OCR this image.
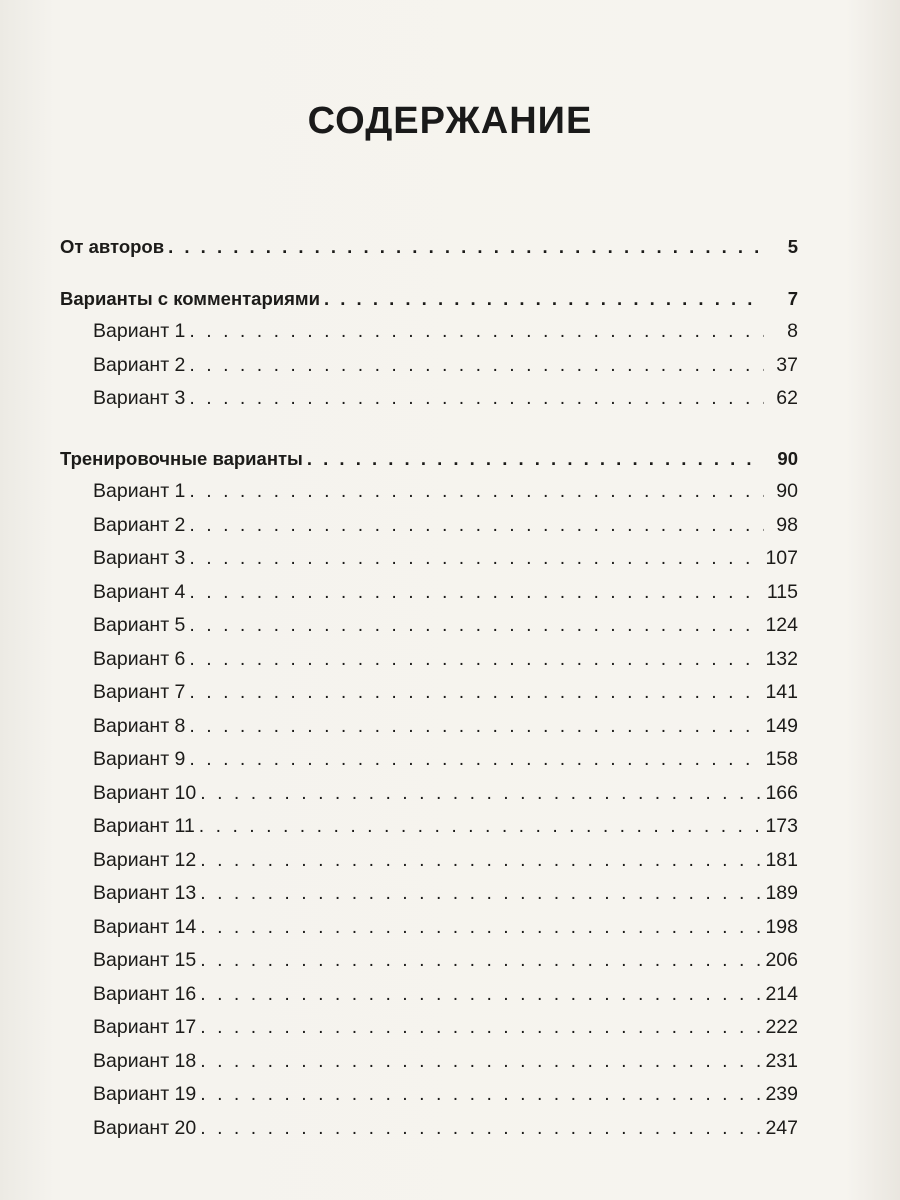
СОДЕРЖАНИЕ
От авторов . . .	5
Варианты с комментариями . . .	7
Вариант 1 . . .	8
Вариант 2 . . .	37
Вариант 3 . . .	62
Тренировочные варианты . . .	90
Вариант 1 . . .	90
Вариант 2 . . .	98
Вариант 3 . . .	107
Вариант 4 . . .	115
Вариант 5 . . .	124
Вариант 6 . . .	132
Вариант 7 . . .	141
Вариант 8 . . .	149
Вариант 9 . . .	158
Вариант 10 . . .	166
Вариант 11 . . .	173
Вариант 12 . . .	181
Вариант 13 . . .	189
Вариант 14 . . .	198
Вариант 15 . . .	206
Вариант 16 . . .	214
Вариант 17 . . .	222
Вариант 18 . . .	231
Вариант 19 . . .	239
Вариант 20 . . .	247
